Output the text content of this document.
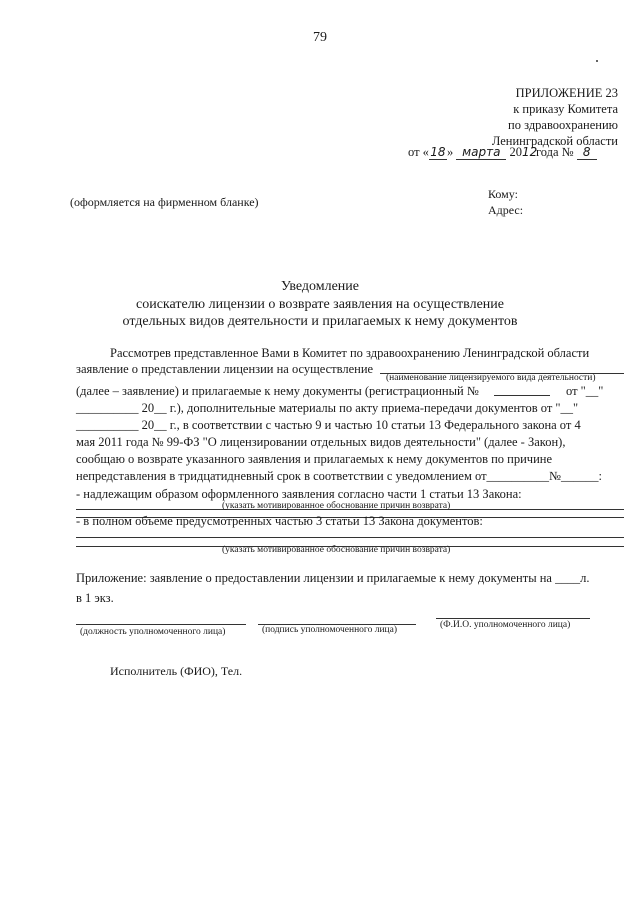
79
ПРИЛОЖЕНИЕ 23
к приказу Комитета
по здравоохранению
Ленинградской области
от «18» марта 2012года № 8
(оформляется на фирменном бланке)
Кому:
Адрес:
Уведомление
соискателю лицензии о возврате заявления на осуществление
отдельных видов деятельности и прилагаемых к нему документов
Рассмотрев представленное Вами в Комитет по здравоохранению Ленинградской области
заявление о представлении лицензии на осуществление
(наименование лицензируемого вида деятельности)
(далее – заявление) и прилагаемые к нему документы (регистрационный №	от "__"
__________ 20__ г.), дополнительные материалы по акту приема-передачи документов от "__"
__________ 20__ г., в соответствии с частью 9 и частью 10 статьи 13 Федерального закона от 4
мая 2011 года № 99-ФЗ "О лицензировании отдельных видов деятельности" (далее - Закон),
сообщаю о возврате указанного заявления и прилагаемых к нему документов по причине
непредставления в тридцатидневный срок в соответствии с уведомлением от__________№______:
- надлежащим образом оформленного заявления согласно части 1 статьи 13 Закона:
(указать мотивированное обоснование причин возврата)
- в полном объеме предусмотренных частью 3 статьи 13 Закона документов:
(указать мотивированное обоснование причин возврата)
Приложение: заявление о предоставлении лицензии и прилагаемые к нему документы на ____л.
в 1 экз.
(должность уполномоченного лица)	(подпись уполномоченного лица)	(Ф.И.О. уполномоченного лица)
Исполнитель (ФИО), Тел.
